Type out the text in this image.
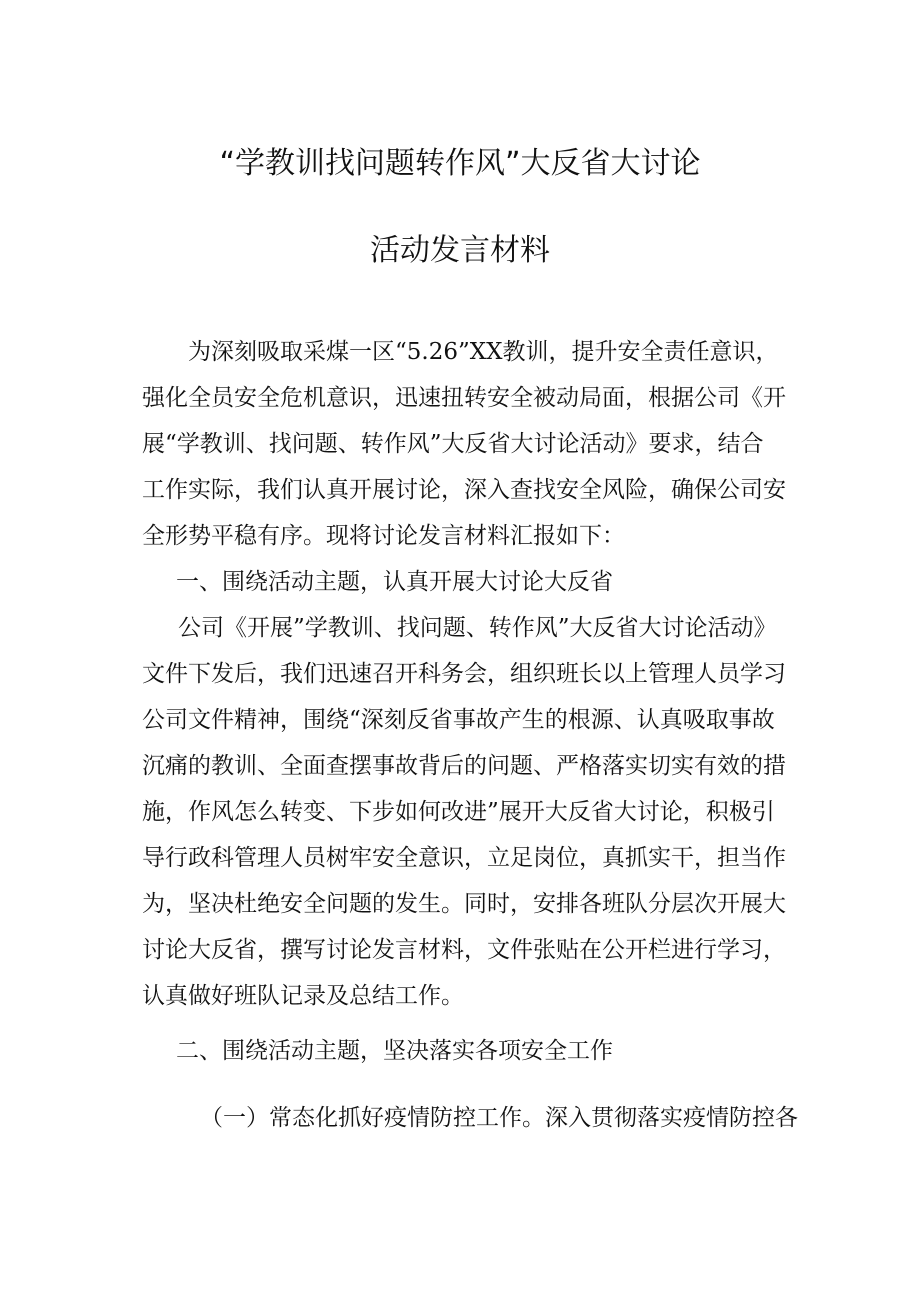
“学教训找问题转作风”大反省大讨论
活动发言材料
为深刻吸取采煤一区“5.26”XX教训，提升安全责任意识，
强化全员安全危机意识，迅速扭转安全被动局面，根据公司《开
展“学教训、找问题、转作风”大反省大讨论活动》要求，结合
工作实际，我们认真开展讨论，深入查找安全风险，确保公司安
全形势平稳有序。现将讨论发言材料汇报如下：
一、围绕活动主题，认真开展大讨论大反省
公司《开展”学教训、找问题、转作风”大反省大讨论活动》
文件下发后，我们迅速召开科务会，组织班长以上管理人员学习
公司文件精神，围绕“深刻反省事故产生的根源、认真吸取事故
沉痛的教训、全面查摆事故背后的问题、严格落实切实有效的措
施，作风怎么转变、下步如何改进”展开大反省大讨论，积极引
导行政科管理人员树牢安全意识，立足岗位，真抓实干，担当作
为，坚决杜绝安全问题的发生。同时，安排各班队分层次开展大
讨论大反省，撰写讨论发言材料，文件张贴在公开栏进行学习，
认真做好班队记录及总结工作。
二、围绕活动主题，坚决落实各项安全工作
（一）常态化抓好疫情防控工作。深入贯彻落实疫情防控各
